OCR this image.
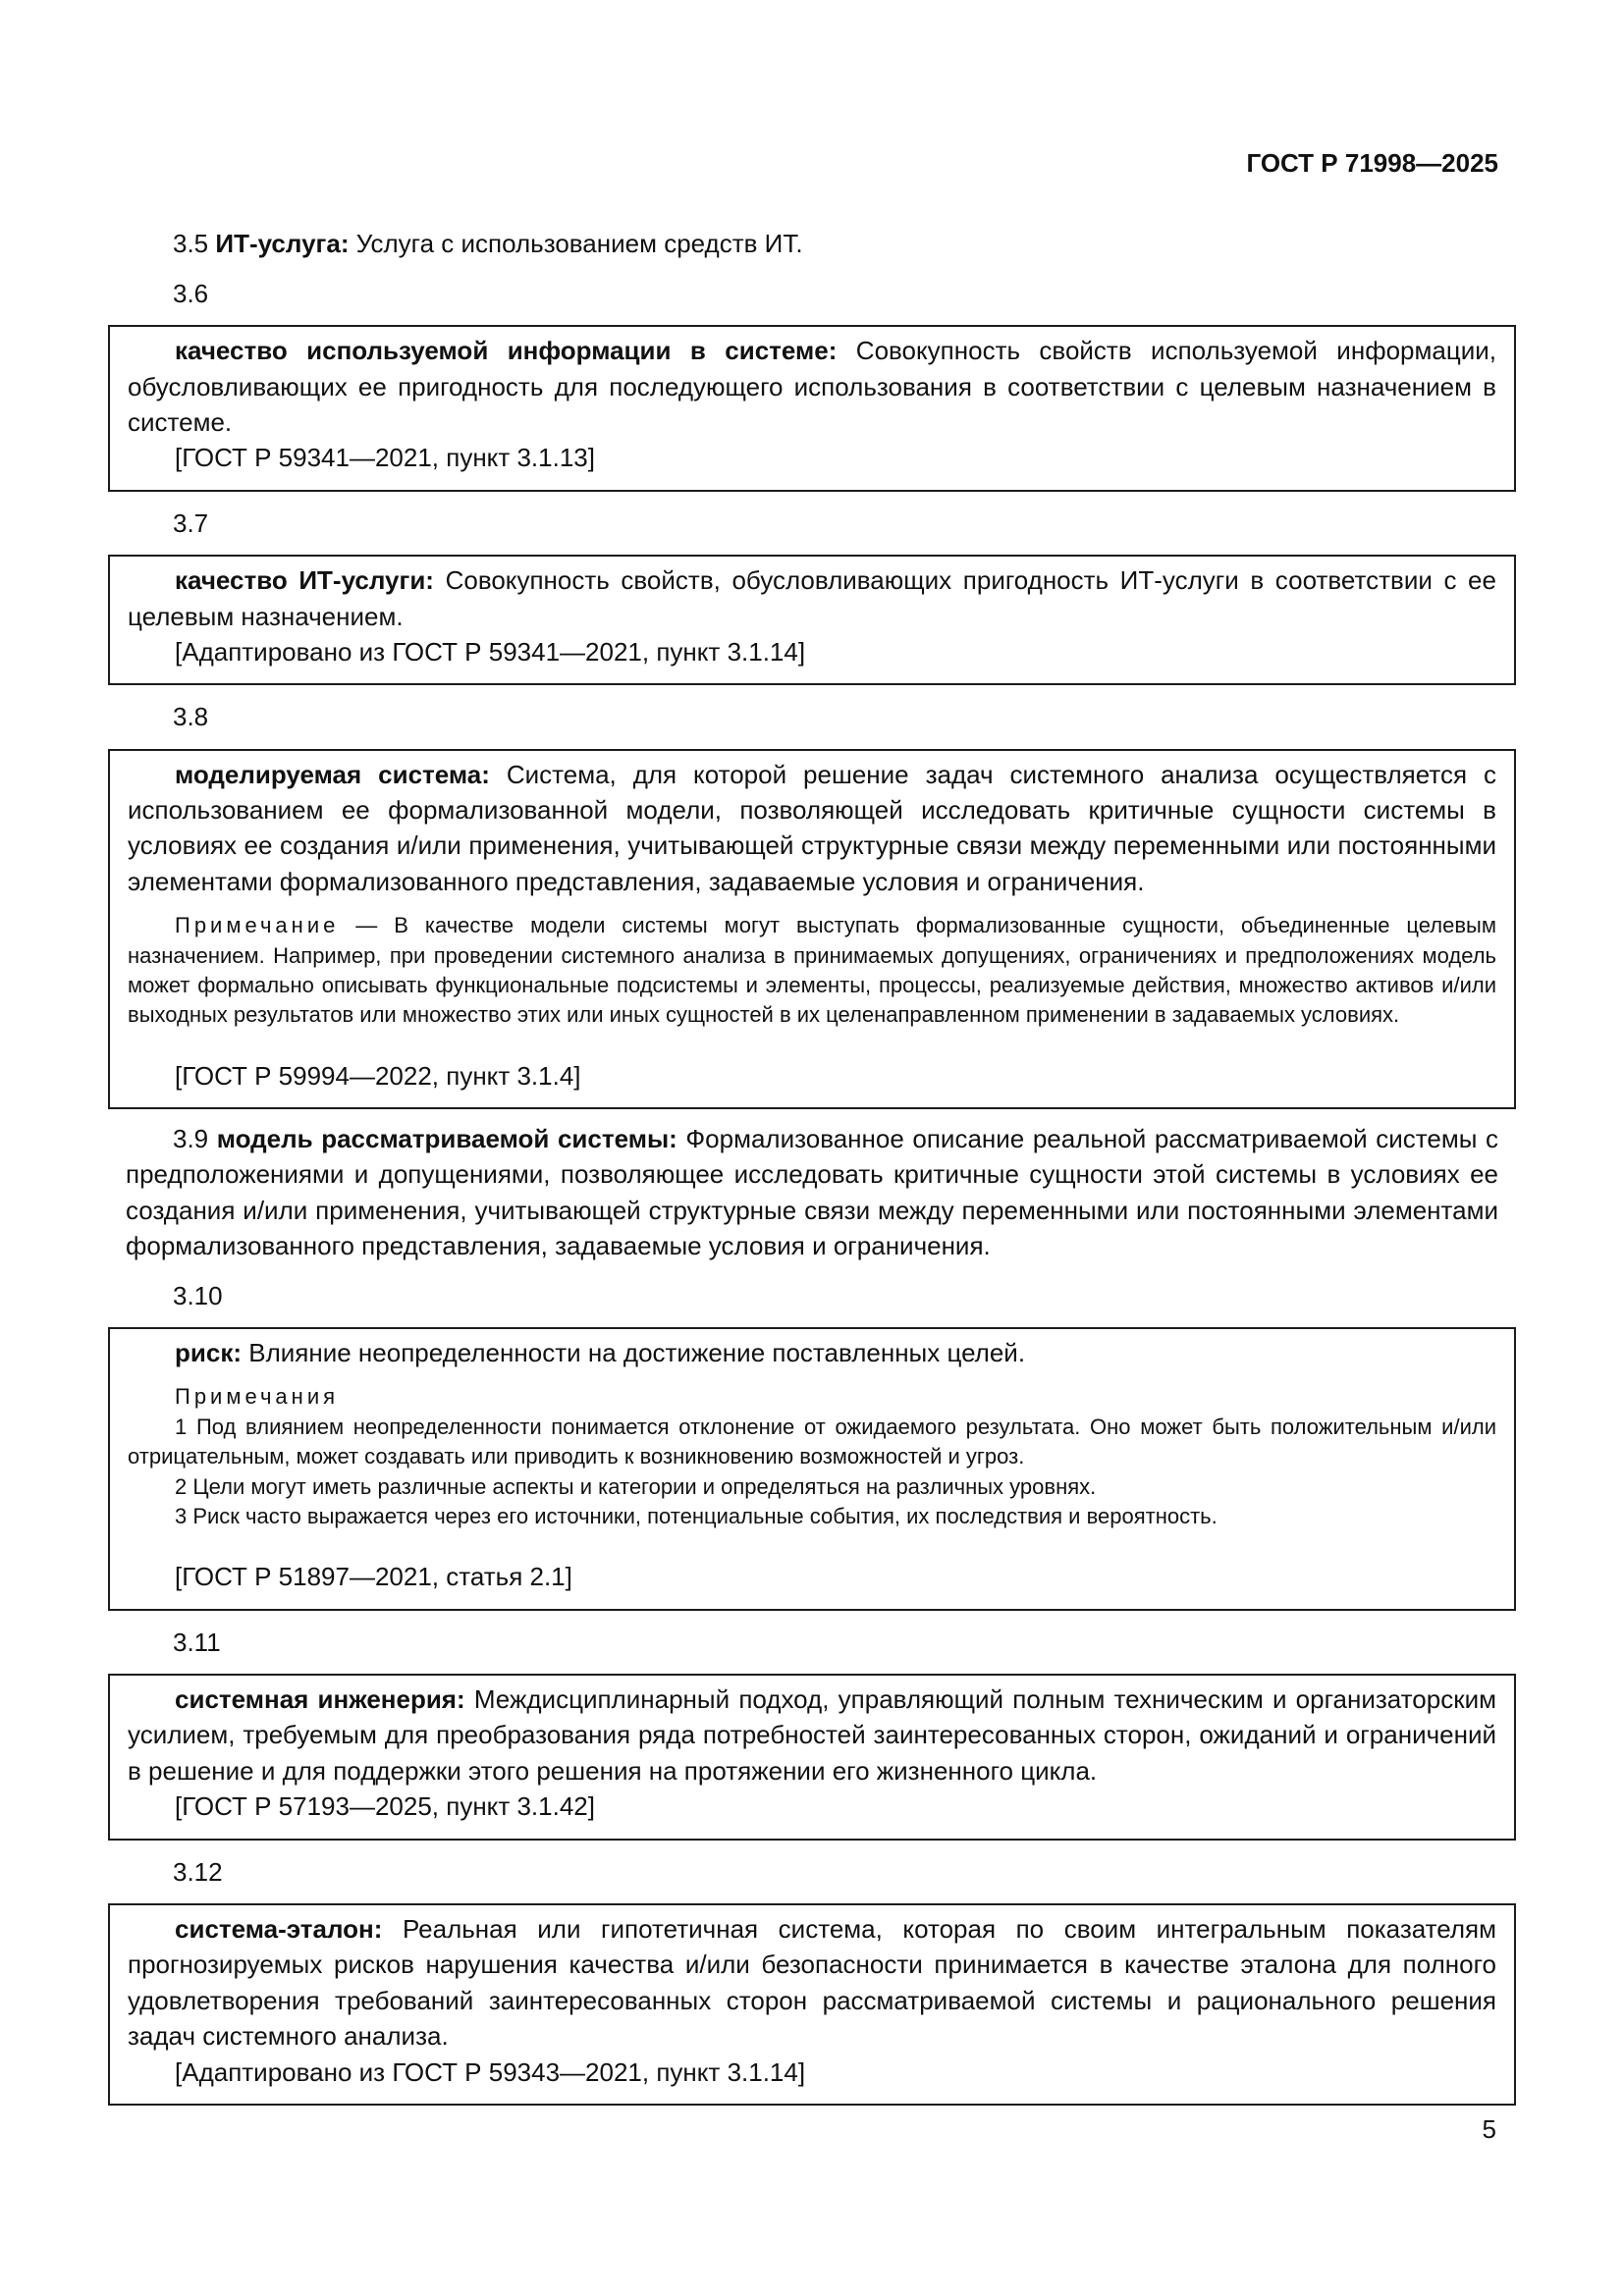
ГОСТ Р 71998—2025

3.5 ИТ-услуга: Услуга с использованием средств ИТ.

3.6

качество используемой информации в системе: Совокупность свойств используемой информации, обусловливающих ее пригодность для последующего использования в соответствии с целевым назначением в системе.

[ГОСТ Р 59341—2021, пункт 3.1.13]

3.7

качество ИТ-услуги: Совокупность свойств, обусловливающих пригодность ИТ-услуги в соответствии с ее целевым назначением.

[Адаптировано из ГОСТ Р 59341—2021, пункт 3.1.14]

3.8

моделируемая система: Система, для которой решение задач системного анализа осуществляется с использованием ее формализованной модели, позволяющей исследовать критичные сущности системы в условиях ее создания и/или применения, учитывающей структурные связи между переменными или постоянными элементами формализованного представления, задаваемые условия и ограничения.

Примечание — В качестве модели системы могут выступать формализованные сущности, объединенные целевым назначением. Например, при проведении системного анализа в принимаемых допущениях, ограничениях и предположениях модель может формально описывать функциональные подсистемы и элементы, процессы, реализуемые действия, множество активов и/или выходных результатов или множество этих или иных сущностей в их целенаправленном применении в задаваемых условиях.

[ГОСТ Р 59994—2022, пункт 3.1.4]

3.9 модель рассматриваемой системы: Формализованное описание реальной рассматриваемой системы с предположениями и допущениями, позволяющее исследовать критичные сущности этой системы в условиях ее создания и/или применения, учитывающей структурные связи между переменными или постоянными элементами формализованного представления, задаваемые условия и ограничения.

3.10

риск: Влияние неопределенности на достижение поставленных целей.

Примечания

1 Под влиянием неопределенности понимается отклонение от ожидаемого результата. Оно может быть положительным и/или отрицательным, может создавать или приводить к возникновению возможностей и угроз.

2 Цели могут иметь различные аспекты и категории и определяться на различных уровнях.

3 Риск часто выражается через его источники, потенциальные события, их последствия и вероятность.

[ГОСТ Р 51897—2021, статья 2.1]

3.11

системная инженерия: Междисциплинарный подход, управляющий полным техническим и организаторским усилием, требуемым для преобразования ряда потребностей заинтересованных сторон, ожиданий и ограничений в решение и для поддержки этого решения на протяжении его жизненного цикла.

[ГОСТ Р 57193—2025, пункт 3.1.42]

3.12

система-эталон: Реальная или гипотетичная система, которая по своим интегральным показателям прогнозируемых рисков нарушения качества и/или безопасности принимается в качестве эталона для полного удовлетворения требований заинтересованных сторон рассматриваемой системы и рационального решения задач системного анализа.

[Адаптировано из ГОСТ Р 59343—2021, пункт 3.1.14]

5
